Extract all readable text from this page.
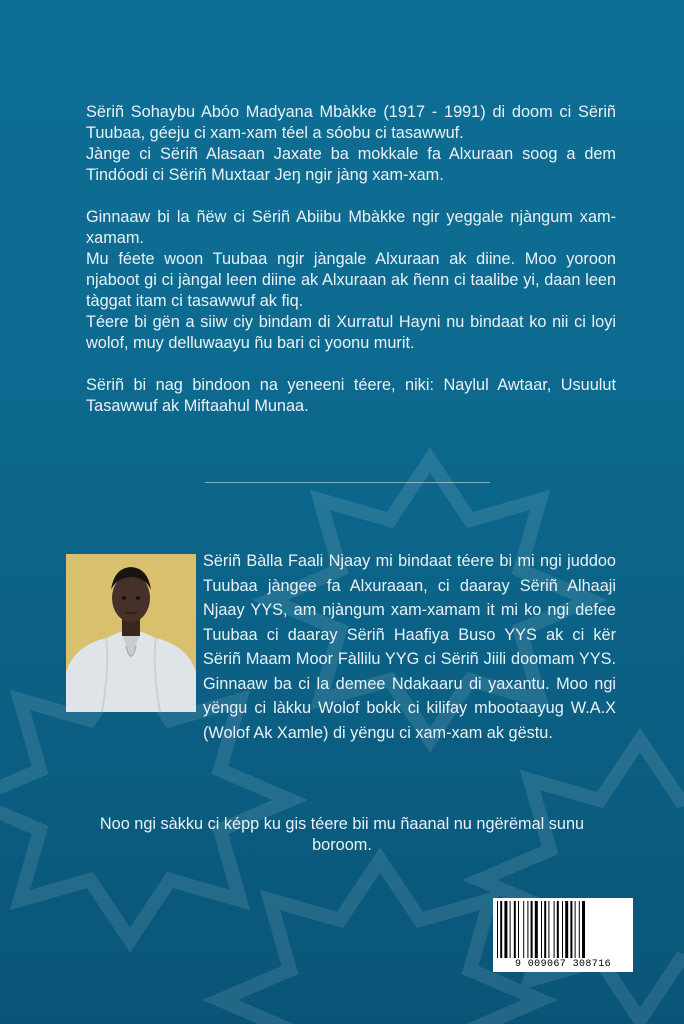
Sëriñ Sohaybu Abóo Madyana Mbàkke (1917 - 1991) di doom ci Sëriñ Tuubaa, géeju ci xam-xam téel a sóobu ci tasawwuf.

Jànge ci Sëriñ Alasaan Jaxate ba mokkale fa Alxuraan soog a dem Tindóodi ci Sëriñ Muxtaar Jeŋ ngir jàng xam-xam.

Ginnaaw bi la ñëw ci Sëriñ Abiibu Mbàkke ngir yeggale njàngum xam-xamam.

Mu féete woon Tuubaa ngir jàngale Alxuraan ak diine. Moo yoroon njaboot gi ci jàngal leen diine ak Alxuraan ak ñenn ci taalibe yi, daan leen tàggat itam ci tasawwuf ak fiq.

Téere bi gën a siiw ciy bindam di Xurratul Hayni nu bindaat ko nii ci loyi wolof, muy delluwaayu ñu bari ci yoonu murit.

Sëriñ bi nag bindoon na yeneeni téere, niki: Naylul Awtaar, Usuulut Tasawwuf ak Miftaahul Munaa.

Sëriñ Bàlla Faali Njaay mi bindaat téere bi mi ngi juddoo Tuubaa jàngee fa Alxuraaan, ci daaray Sëriñ Alhaaji Njaay YYS, am njàngum xam-xamam it mi ko ngi defee Tuubaa ci daaray Sëriñ Haafiya Buso YYS ak ci kër Sëriñ Maam Moor Fàllilu YYG ci Sëriñ Jiili doomam YYS. Ginnaaw ba ci la demee Ndakaaru di yaxantu. Moo ngi yëngu ci làkku Wolof bokk ci kilifay mbootaayug W.A.X (Wolof Ak Xamle) di yëngu ci xam-xam ak gëstu.
Noo ngi sàkku ci képp ku gis téere bii mu ñaanal nu ngërëmal sunu boroom.
9 009067 308716
